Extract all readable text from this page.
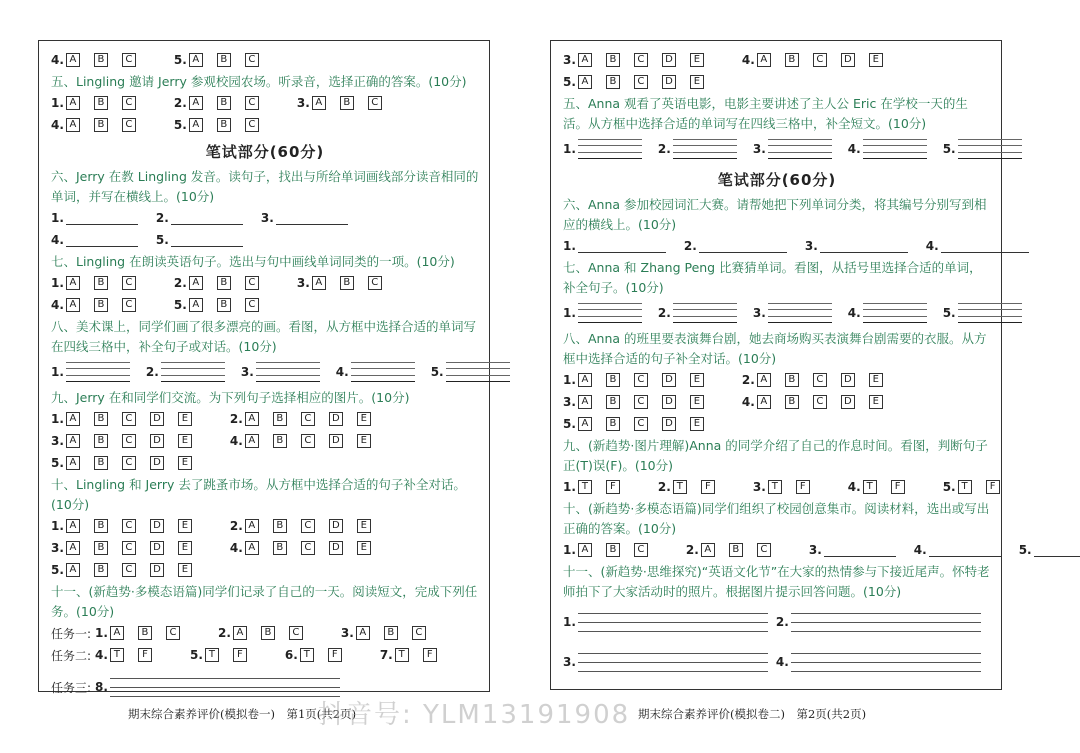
4. A	B	C	5. A	B	C
五、Lingling 邀请 Jerry 参观校园农场。听录音，选择正确的答案。(10分)
1. A	B	C	2. A	B	C	3. A	B	C
4. A	B	C	5. A	B	C
笔试部分(60分)
六、Jerry 在教 Lingling 发音。读句子，找出与所给单词画线部分读音相同的单词，并写在横线上。(10分)
1.	2.	3.
4.	5.
七、Lingling 在朗读英语句子。选出与句中画线单词同类的一项。(10分)
1. A	B	C	2. A	B	C	3. A	B	C
4. A	B	C	5. A	B	C
八、美术课上，同学们画了很多漂亮的画。看图，从方框中选择合适的单词写在四线三格中，补全句子或对话。(10分)
1.	2.	3.	4.	5.
九、Jerry 在和同学们交流。为下列句子选择相应的图片。(10分)
1. A	B	C	D	E	2. A	B	C	D	E
3. A	B	C	D	E	4. A	B	C	D	E
5. A	B	C	D	E
十、Lingling 和 Jerry 去了跳蚤市场。从方框中选择合适的句子补全对话。(10分)
1. A	B	C	D	E	2. A	B	C	D	E
3. A	B	C	D	E	4. A	B	C	D	E
5. A	B	C	D	E
十一、(新趋势·多模态语篇)同学们记录了自己的一天。阅读短文，完成下列任务。(10分)
任务一: 1. A	B	C	2. A	B	C	3. A	B	C
任务二: 4. T	F	5. T	F	6. T	F	7. T	F
任务三: 8.
期末综合素养评价(模拟卷一)　第1页(共2页)
3. A	B	C	D	E	4. A	B	C	D	E
5. A	B	C	D	E
五、Anna 观看了英语电影，电影主要讲述了主人公 Eric 在学校一天的生活。从方框中选择合适的单词写在四线三格中，补全短文。(10分)
1.	2.	3.	4.	5.
笔试部分(60分)
六、Anna 参加校园词汇大赛。请帮她把下列单词分类，将其编号分别写到相应的横线上。(10分)
1.	2.	3.	4.
七、Anna 和 Zhang Peng 比赛猜单词。看图，从括号里选择合适的单词，补全句子。(10分)
1.	2.	3.	4.	5.
八、Anna 的班里要表演舞台剧，她去商场购买表演舞台剧需要的衣服。从方框中选择合适的句子补全对话。(10分)
1. A	B	C	D	E	2. A	B	C	D	E
3. A	B	C	D	E	4. A	B	C	D	E
5. A	B	C	D	E
九、(新趋势·图片理解)Anna 的同学介绍了自己的作息时间。看图，判断句子正(T)误(F)。(10分)
1. T	F	2. T	F	3. T	F	4. T	F	5. T	F
十、(新趋势·多模态语篇)同学们组织了校园创意集市。阅读材料，选出或写出正确的答案。(10分)
1. A	B	C	2. A	B	C	3.	4.	5.
十一、(新趋势·思维探究)“英语文化节”在大家的热情参与下接近尾声。怀特老师拍下了大家活动时的照片。根据图片提示回答问题。(10分)
1.	2.
3.	4.
期末综合素养评价(模拟卷二)　第2页(共2页)
抖音号: YLM13191908
